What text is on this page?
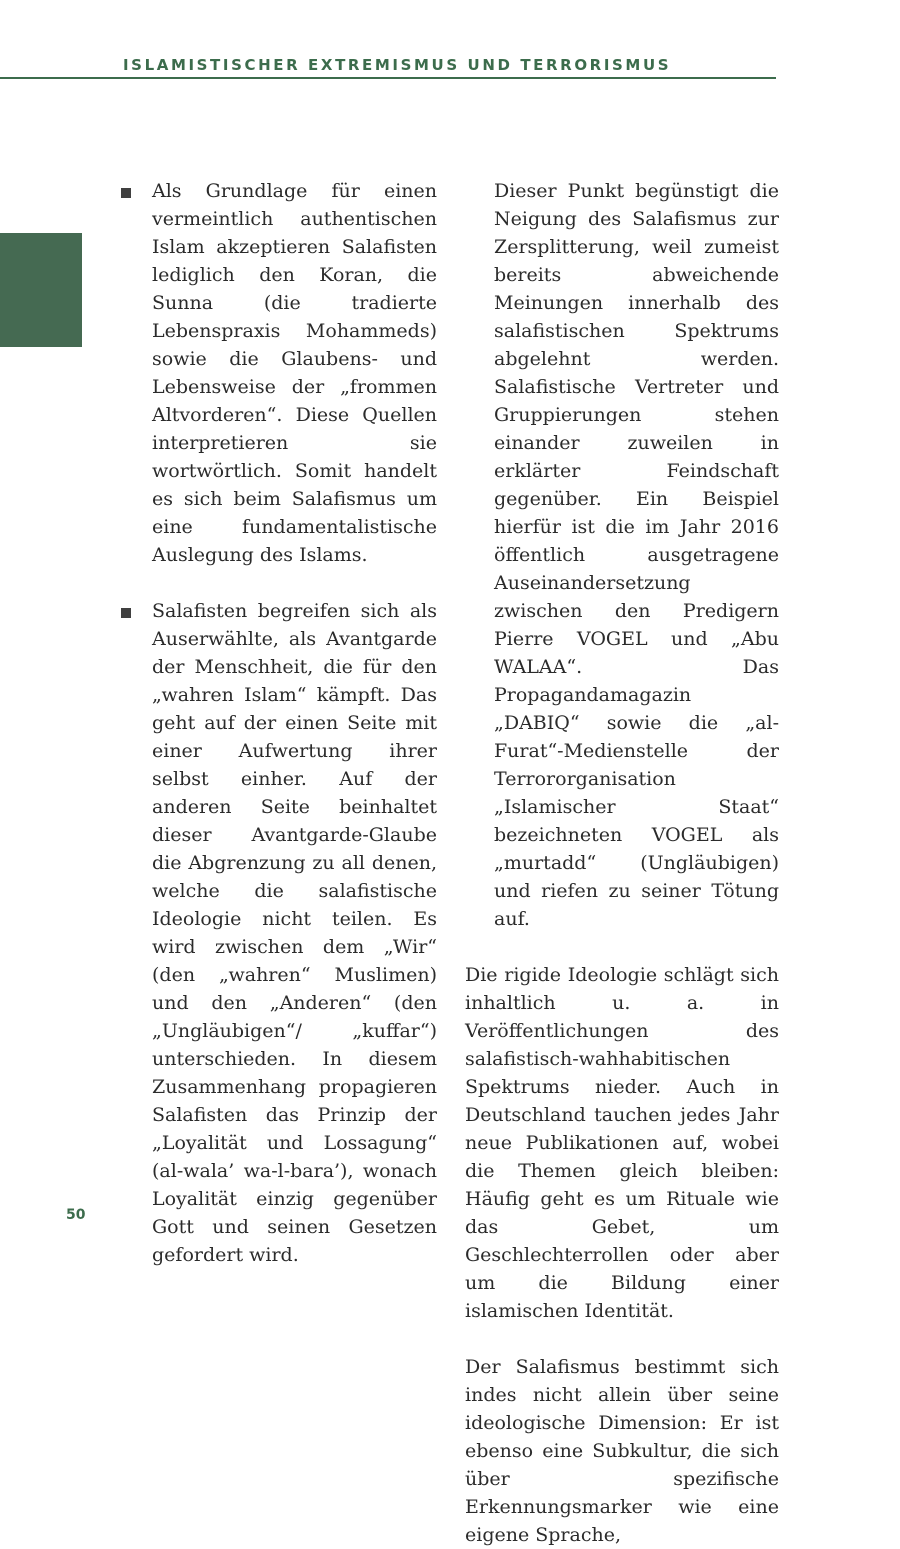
ISLAMISTISCHER EXTREMISMUS UND TERRORISMUS
Als Grundlage für einen vermeintlich authentischen Islam akzeptieren Salafisten lediglich den Koran, die Sunna (die tradierte Lebenspraxis Mohammeds) sowie die Glaubens- und Lebensweise der „frommen Altvorderen“. Diese Quellen interpretieren sie wortwörtlich. Somit handelt es sich beim Salafismus um eine fundamentalistische Auslegung des Islams.
Salafisten begreifen sich als Auserwählte, als Avantgarde der Menschheit, die für den „wahren Islam“ kämpft. Das geht auf der einen Seite mit einer Aufwertung ihrer selbst einher. Auf der anderen Seite beinhaltet dieser Avantgarde-Glaube die Abgrenzung zu all denen, welche die salafistische Ideologie nicht teilen. Es wird zwischen dem „Wir“ (den „wahren“ Muslimen) und den „Anderen“ (den „Ungläubigen“/ „kuffar“) unterschieden. In diesem Zusammenhang propagieren Salafisten das Prinzip der „Loyalität und Lossagung“ (al-wala’ wa-l-bara’), wonach Loyalität einzig gegenüber Gott und seinen Gesetzen gefordert wird.
Dieser Punkt begünstigt die Neigung des Salafismus zur Zersplitterung, weil zumeist bereits abweichende Meinungen innerhalb des salafistischen Spektrums abgelehnt werden. Salafistische Vertreter und Gruppierungen stehen einander zuweilen in erklärter Feindschaft gegenüber. Ein Beispiel hierfür ist die im Jahr 2016 öffentlich ausgetragene Auseinandersetzung zwischen den Predigern Pierre VOGEL und „Abu WALAA“. Das Propagandamagazin „DABIQ“ sowie die „al-Furat“-Medienstelle der Terrororganisation „Islamischer Staat“ bezeichneten VOGEL als „murtadd“ (Ungläubigen) und riefen zu seiner Tötung auf.
Die rigide Ideologie schlägt sich inhaltlich u. a. in Veröffentlichungen des salafistisch-wahhabitischen Spektrums nieder. Auch in Deutschland tauchen jedes Jahr neue Publikationen auf, wobei die Themen gleich bleiben: Häufig geht es um Rituale wie das Gebet, um Geschlechterrollen oder aber um die Bildung einer islamischen Identität.
Der Salafismus bestimmt sich indes nicht allein über seine ideologische Dimension: Er ist ebenso eine Subkultur, die sich über spezifische Erkennungsmarker wie eine eigene Sprache,
50
